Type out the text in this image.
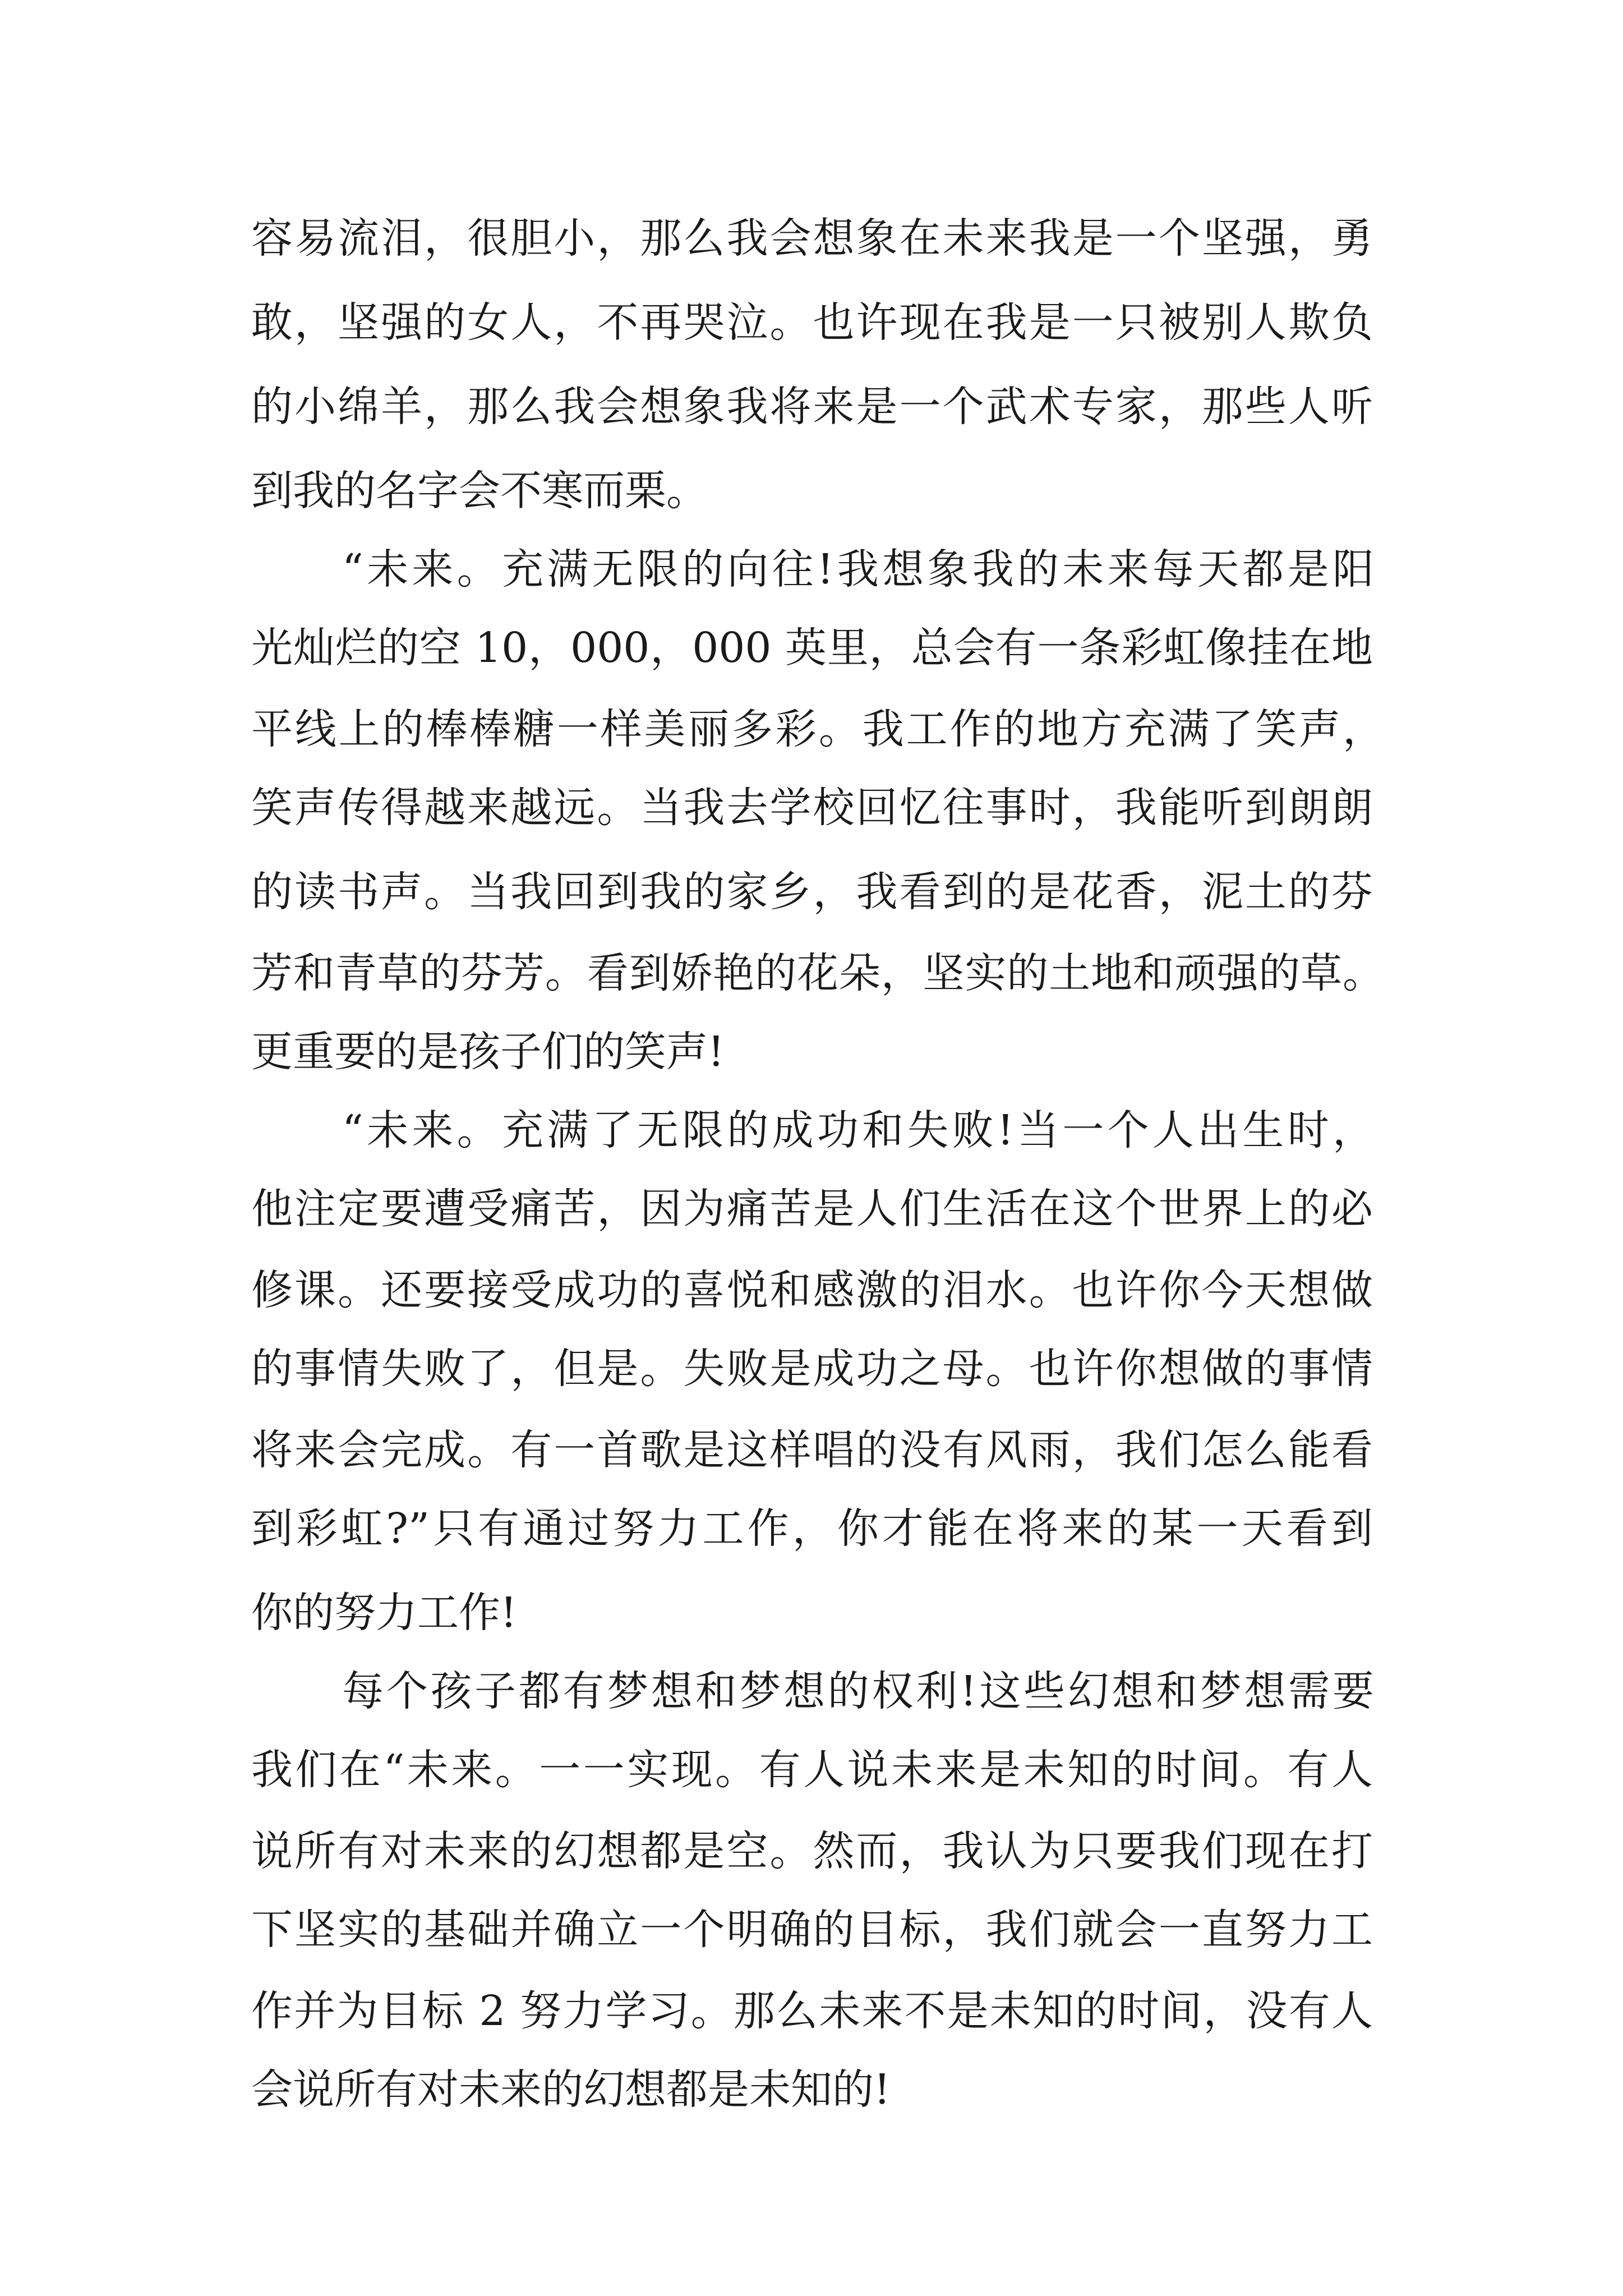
容易流泪，很胆小，那么我会想象在未来我是一个坚强，勇
敢，坚强的女人，不再哭泣。也许现在我是一只被别人欺负
的小绵羊，那么我会想象我将来是一个武术专家，那些人听
到我的名字会不寒而栗。
“未来。充满无限的向往!我想象我的未来每天都是阳
光灿烂的空 10，000，000 英里，总会有一条彩虹像挂在地
平线上的棒棒糖一样美丽多彩。我工作的地方充满了笑声，
笑声传得越来越远。当我去学校回忆往事时，我能听到朗朗
的读书声。当我回到我的家乡，我看到的是花香，泥土的芬
芳和青草的芬芳。看到娇艳的花朵，坚实的土地和顽强的草。
更重要的是孩子们的笑声!
“未来。充满了无限的成功和失败!当一个人出生时，
他注定要遭受痛苦，因为痛苦是人们生活在这个世界上的必
修课。还要接受成功的喜悦和感激的泪水。也许你今天想做
的事情失败了，但是。失败是成功之母。也许你想做的事情
将来会完成。有一首歌是这样唱的没有风雨，我们怎么能看
到彩虹?”只有通过努力工作，你才能在将来的某一天看到
你的努力工作!
每个孩子都有梦想和梦想的权利!这些幻想和梦想需要
我们在“未来。一一实现。有人说未来是未知的时间。有人
说所有对未来的幻想都是空。然而，我认为只要我们现在打
下坚实的基础并确立一个明确的目标，我们就会一直努力工
作并为目标 2 努力学习。那么未来不是未知的时间，没有人
会说所有对未来的幻想都是未知的!
